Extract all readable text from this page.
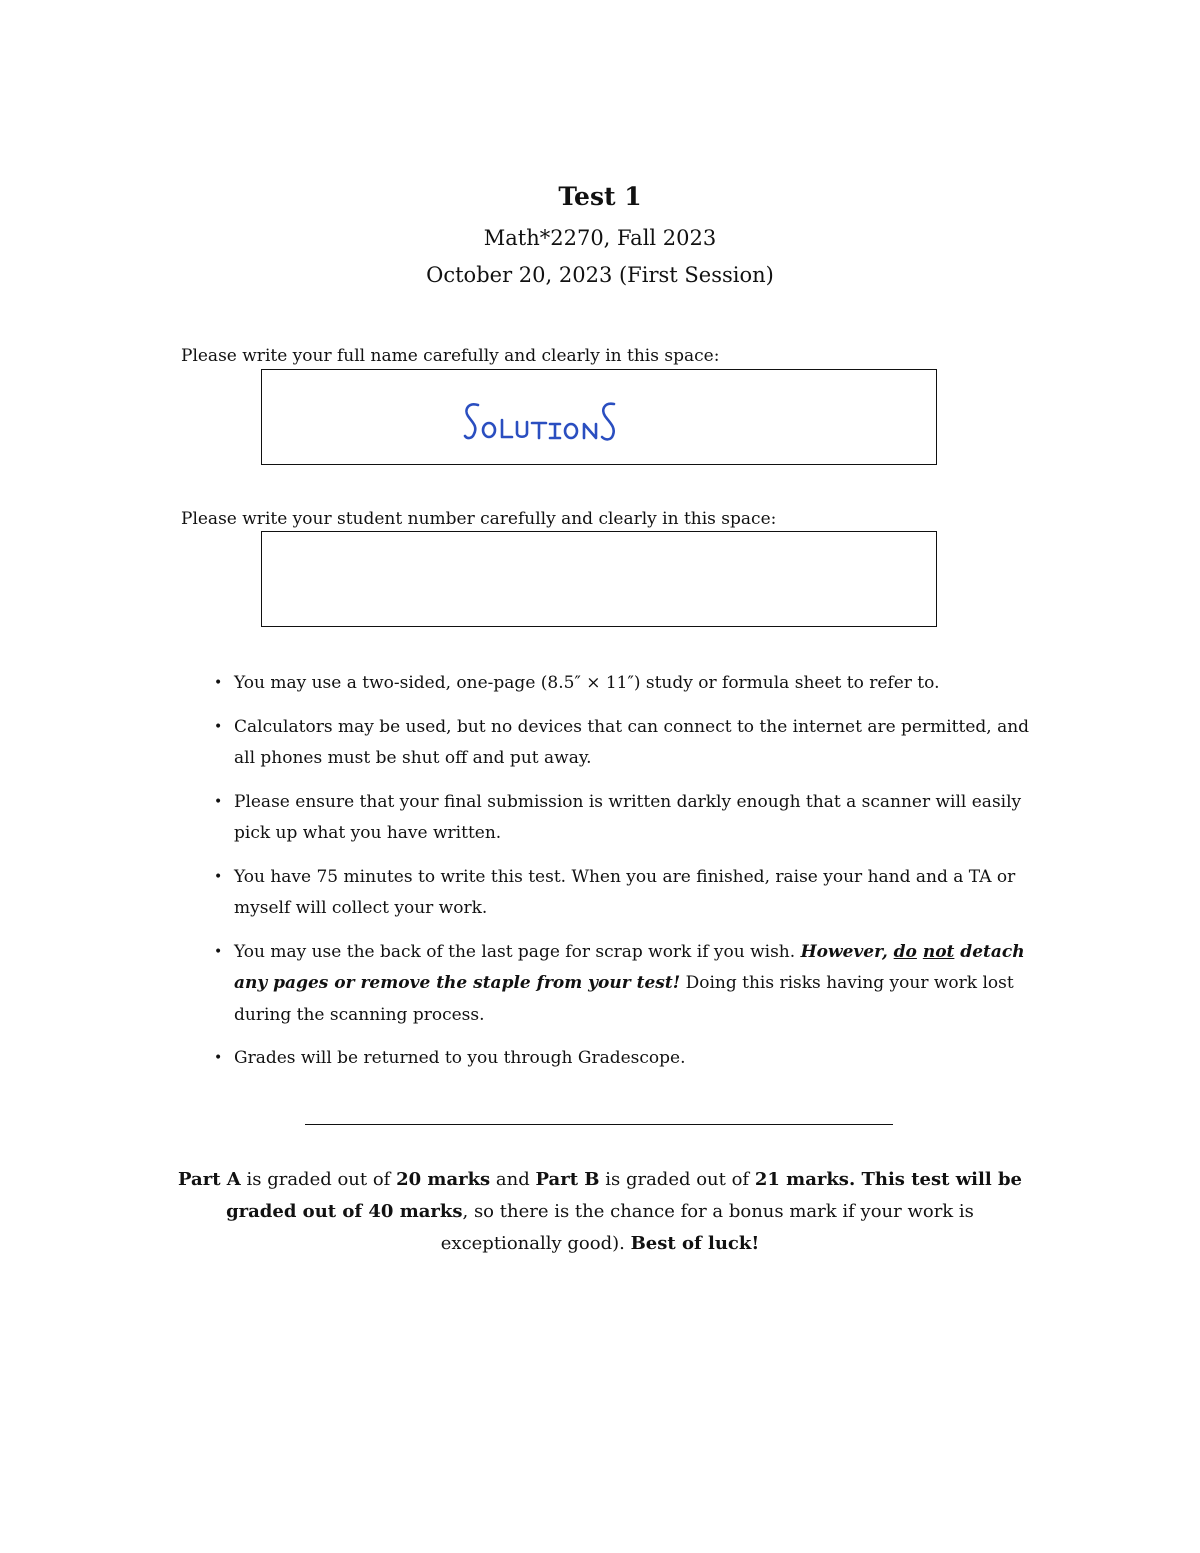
Test 1

Math*2270, Fall 2023

October 20, 2023 (First Session)

Please write your full name carefully and clearly in this space:

Please write your student number carefully and clearly in this space:

• You may use a two-sided, one-page (8.5″ × 11″) study or formula sheet to refer to.
• Calculators may be used, but no devices that can connect to the internet are permitted, and all phones must be shut off and put away.
• Please ensure that your final submission is written darkly enough that a scanner will easily pick up what you have written.
• You have 75 minutes to write this test. When you are finished, raise your hand and a TA or myself will collect your work.
• You may use the back of the last page for scrap work if you wish. However, do not detach any pages or remove the staple from your test! Doing this risks having your work lost during the scanning process.
• Grades will be returned to you through Gradescope.

Part A is graded out of 20 marks and Part B is graded out of 21 marks. This test will be graded out of 40 marks, so there is the chance for a bonus mark if your work is exceptionally good). Best of luck!
